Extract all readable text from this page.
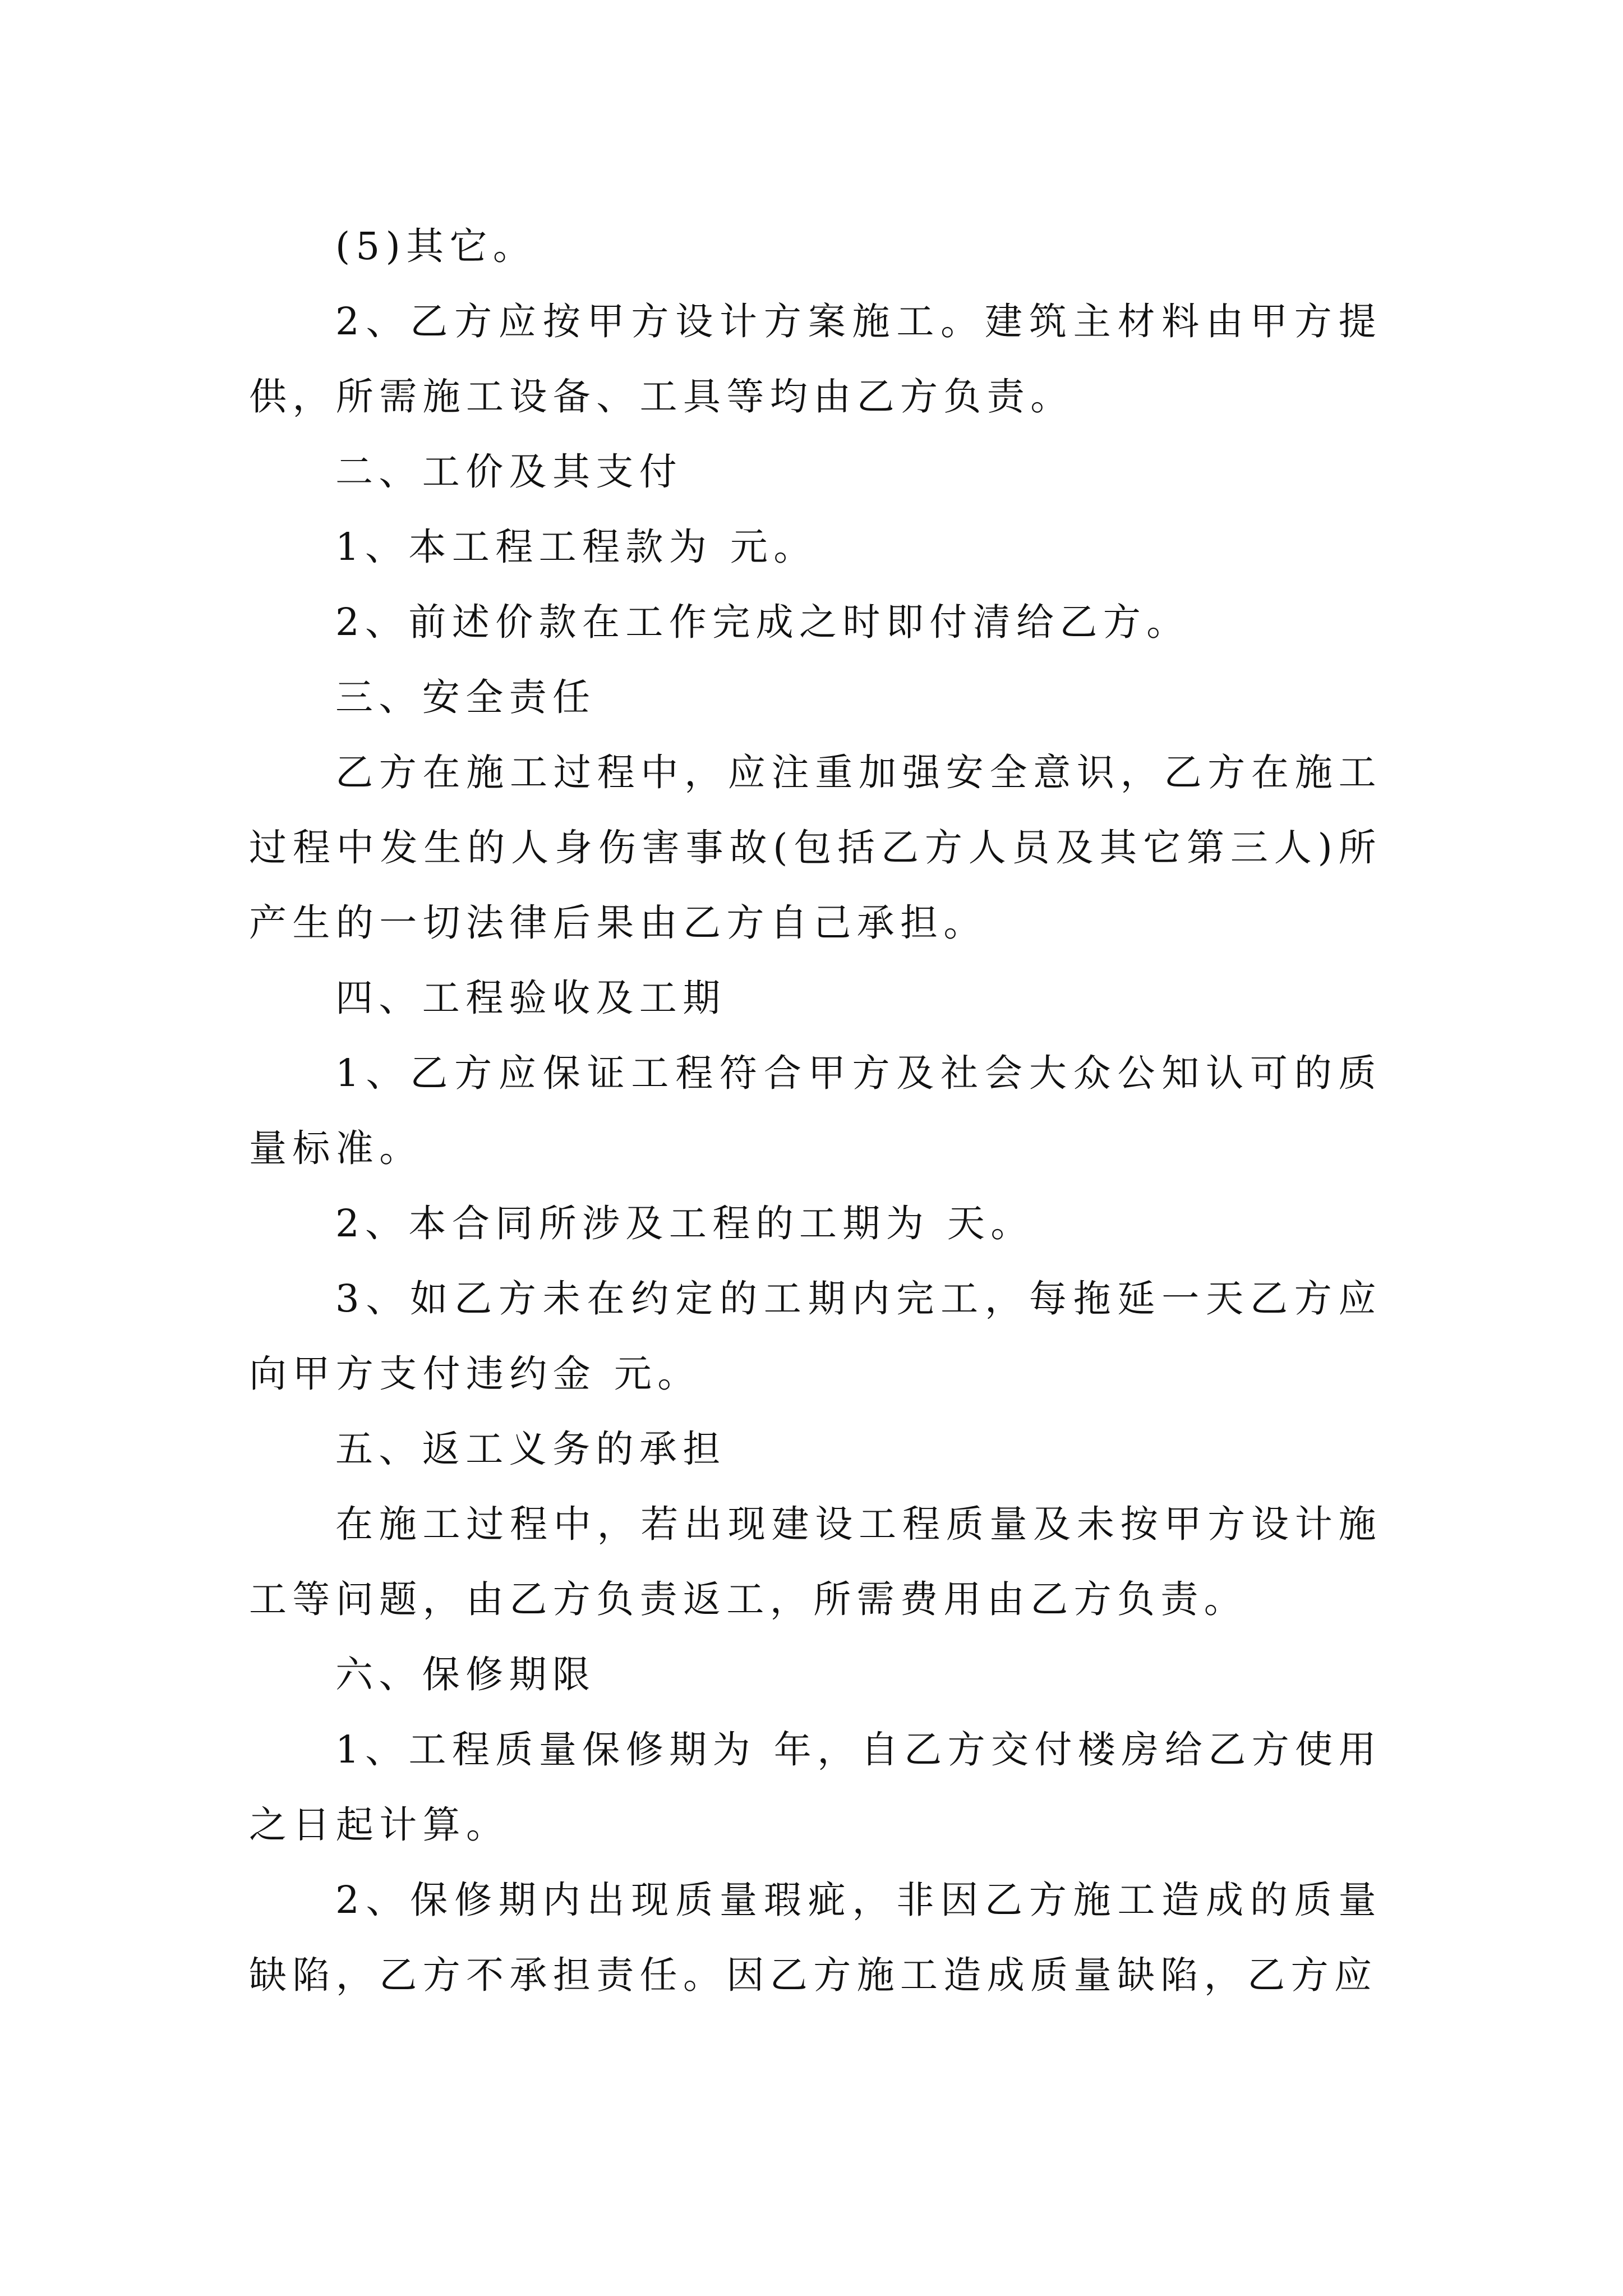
(5)其它。

2、乙方应按甲方设计方案施工。建筑主材料由甲方提供，所需施工设备、工具等均由乙方负责。

二、工价及其支付

1、本工程工程款为 元。

2、前述价款在工作完成之时即付清给乙方。

三、安全责任

乙方在施工过程中，应注重加强安全意识，乙方在施工过程中发生的人身伤害事故(包括乙方人员及其它第三人)所产生的一切法律后果由乙方自己承担。

四、工程验收及工期

1、乙方应保证工程符合甲方及社会大众公知认可的质量标准。

2、本合同所涉及工程的工期为 天。

3、如乙方未在约定的工期内完工，每拖延一天乙方应向甲方支付违约金 元。

五、返工义务的承担

在施工过程中，若出现建设工程质量及未按甲方设计施工等问题，由乙方负责返工，所需费用由乙方负责。

六、保修期限

1、工程质量保修期为 年，自乙方交付楼房给乙方使用之日起计算。

2、保修期内出现质量瑕疵，非因乙方施工造成的质量缺陷，乙方不承担责任。因乙方施工造成质量缺陷，乙方应
